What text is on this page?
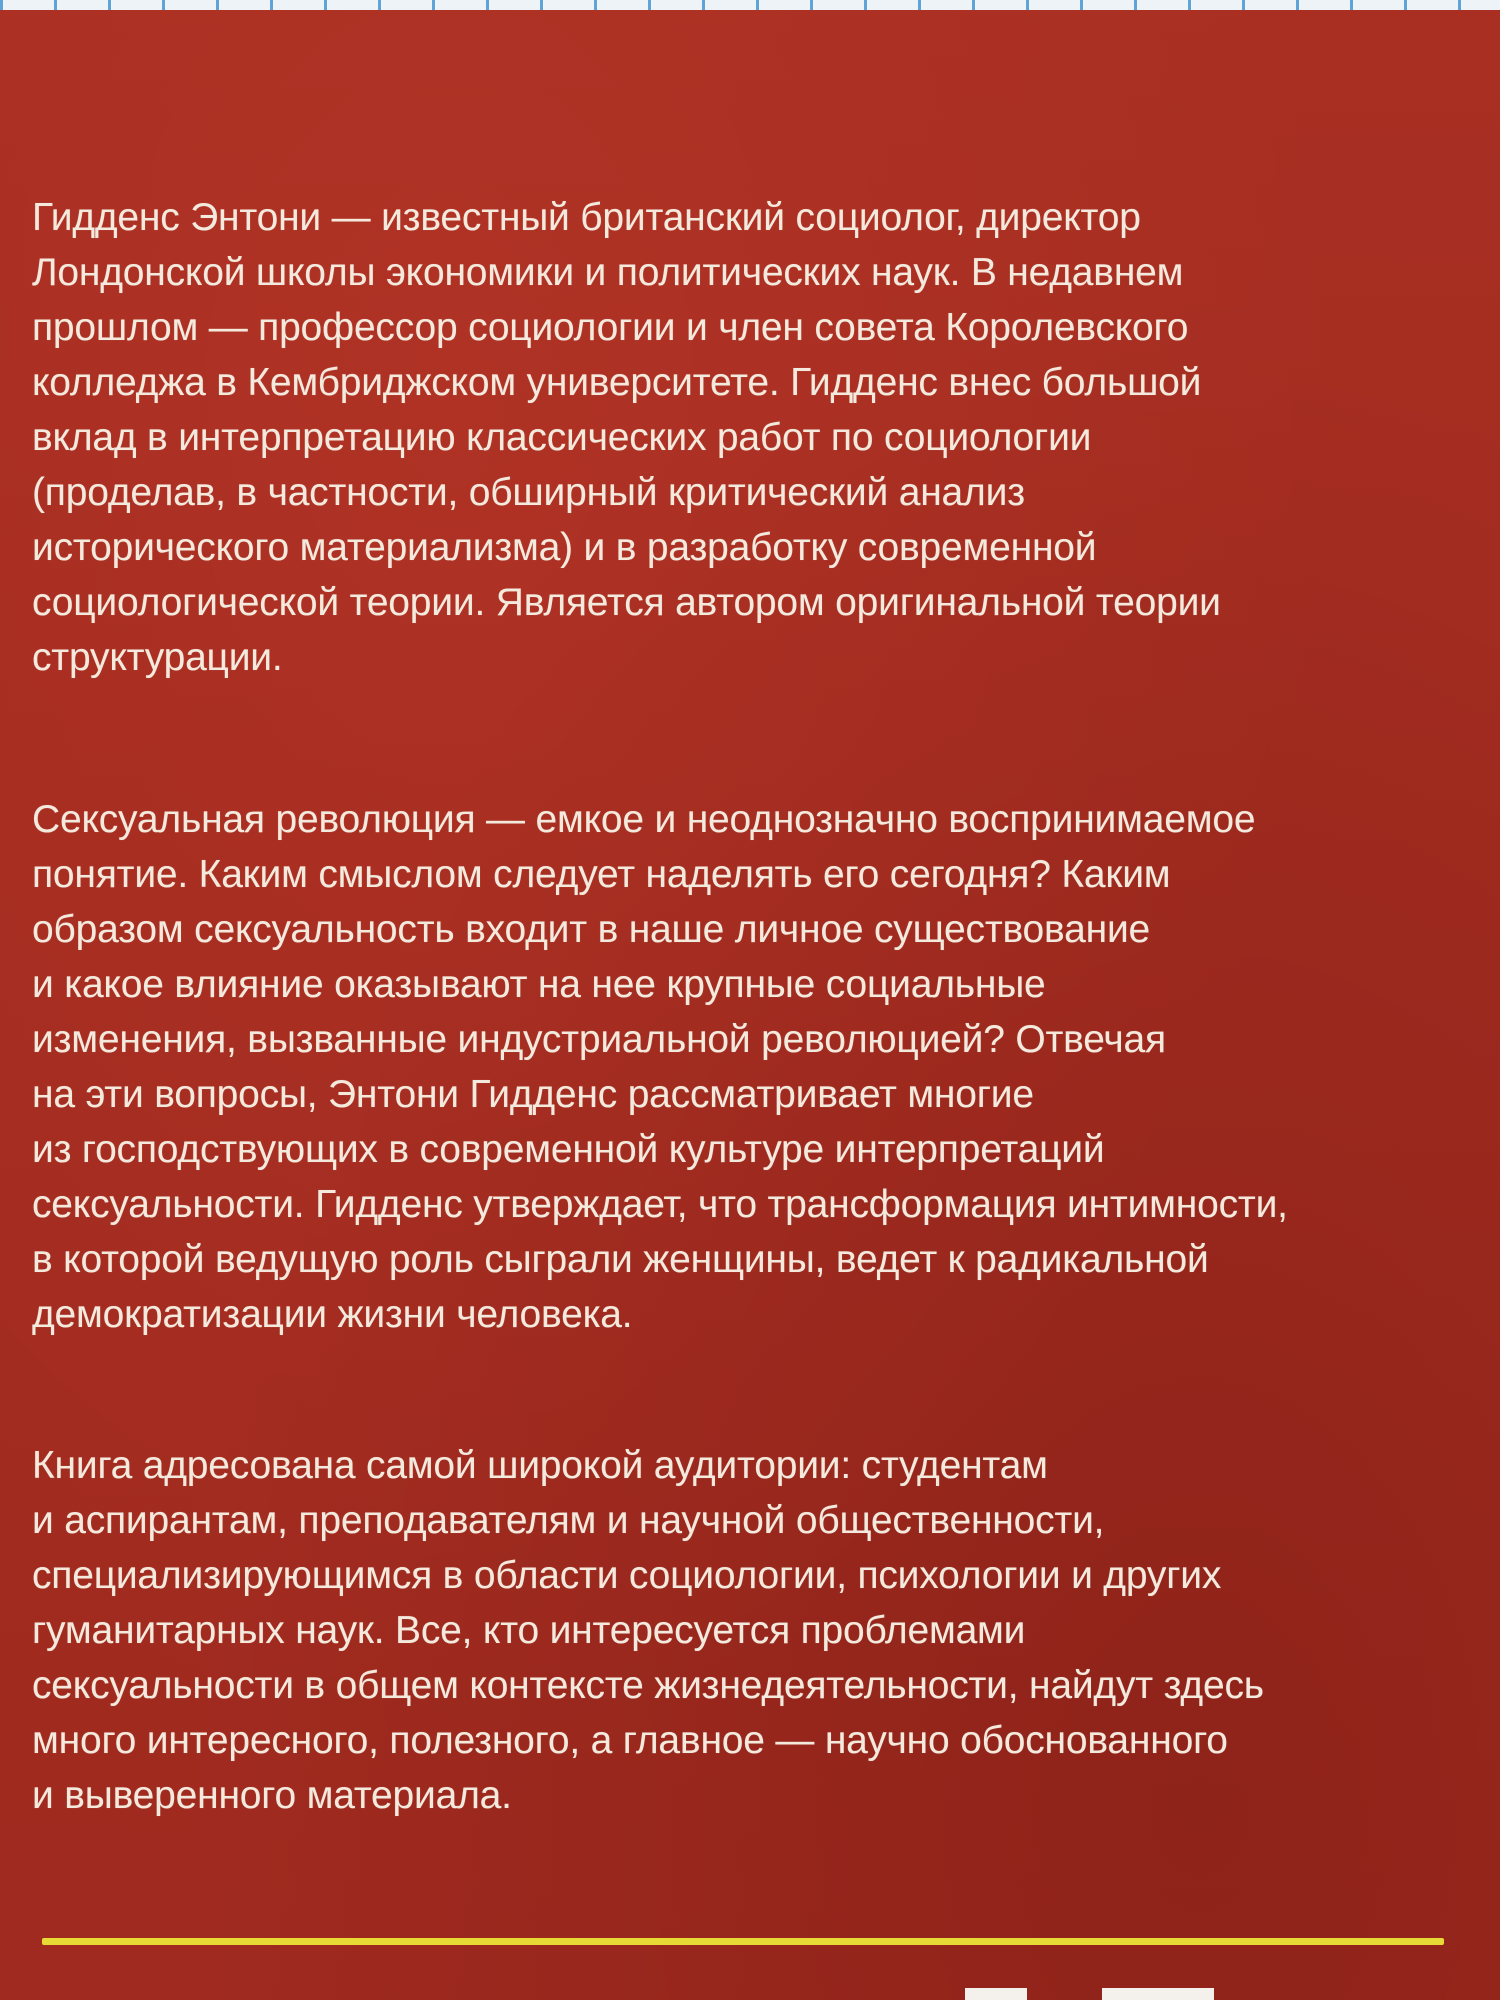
Гидденс Энтони — известный британский социолог, директор
Лондонской школы экономики и политических наук. В недавнем
прошлом — профессор социологии и член совета Королевского
колледжа в Кембриджском университете. Гидденс внес большой
вклад в интерпретацию классических работ по социологии
(проделав, в частности, обширный критический анализ
исторического материализма) и в разработку современной
социологической теории. Является автором оригинальной теории
структурации.

Сексуальная революция — емкое и неоднозначно воспринимаемое
понятие. Каким смыслом следует наделять его сегодня? Каким
образом сексуальность входит в наше личное существование
и какое влияние оказывают на нее крупные социальные
изменения, вызванные индустриальной революцией? Отвечая
на эти вопросы, Энтони Гидденс рассматривает многие
из господствующих в современной культуре интерпретаций
сексуальности. Гидденс утверждает, что трансформация интимности,
в которой ведущую роль сыграли женщины, ведет к радикальной
демократизации жизни человека.

Книга адресована самой широкой аудитории: студентам
и аспирантам, преподавателям и научной общественности,
специализирующимся в области социологии, психологии и других
гуманитарных наук. Все, кто интересуется проблемами
сексуальности в общем контексте жизнедеятельности, найдут здесь
много интересного, полезного, а главное — научно обоснованного
и выверенного материала.
